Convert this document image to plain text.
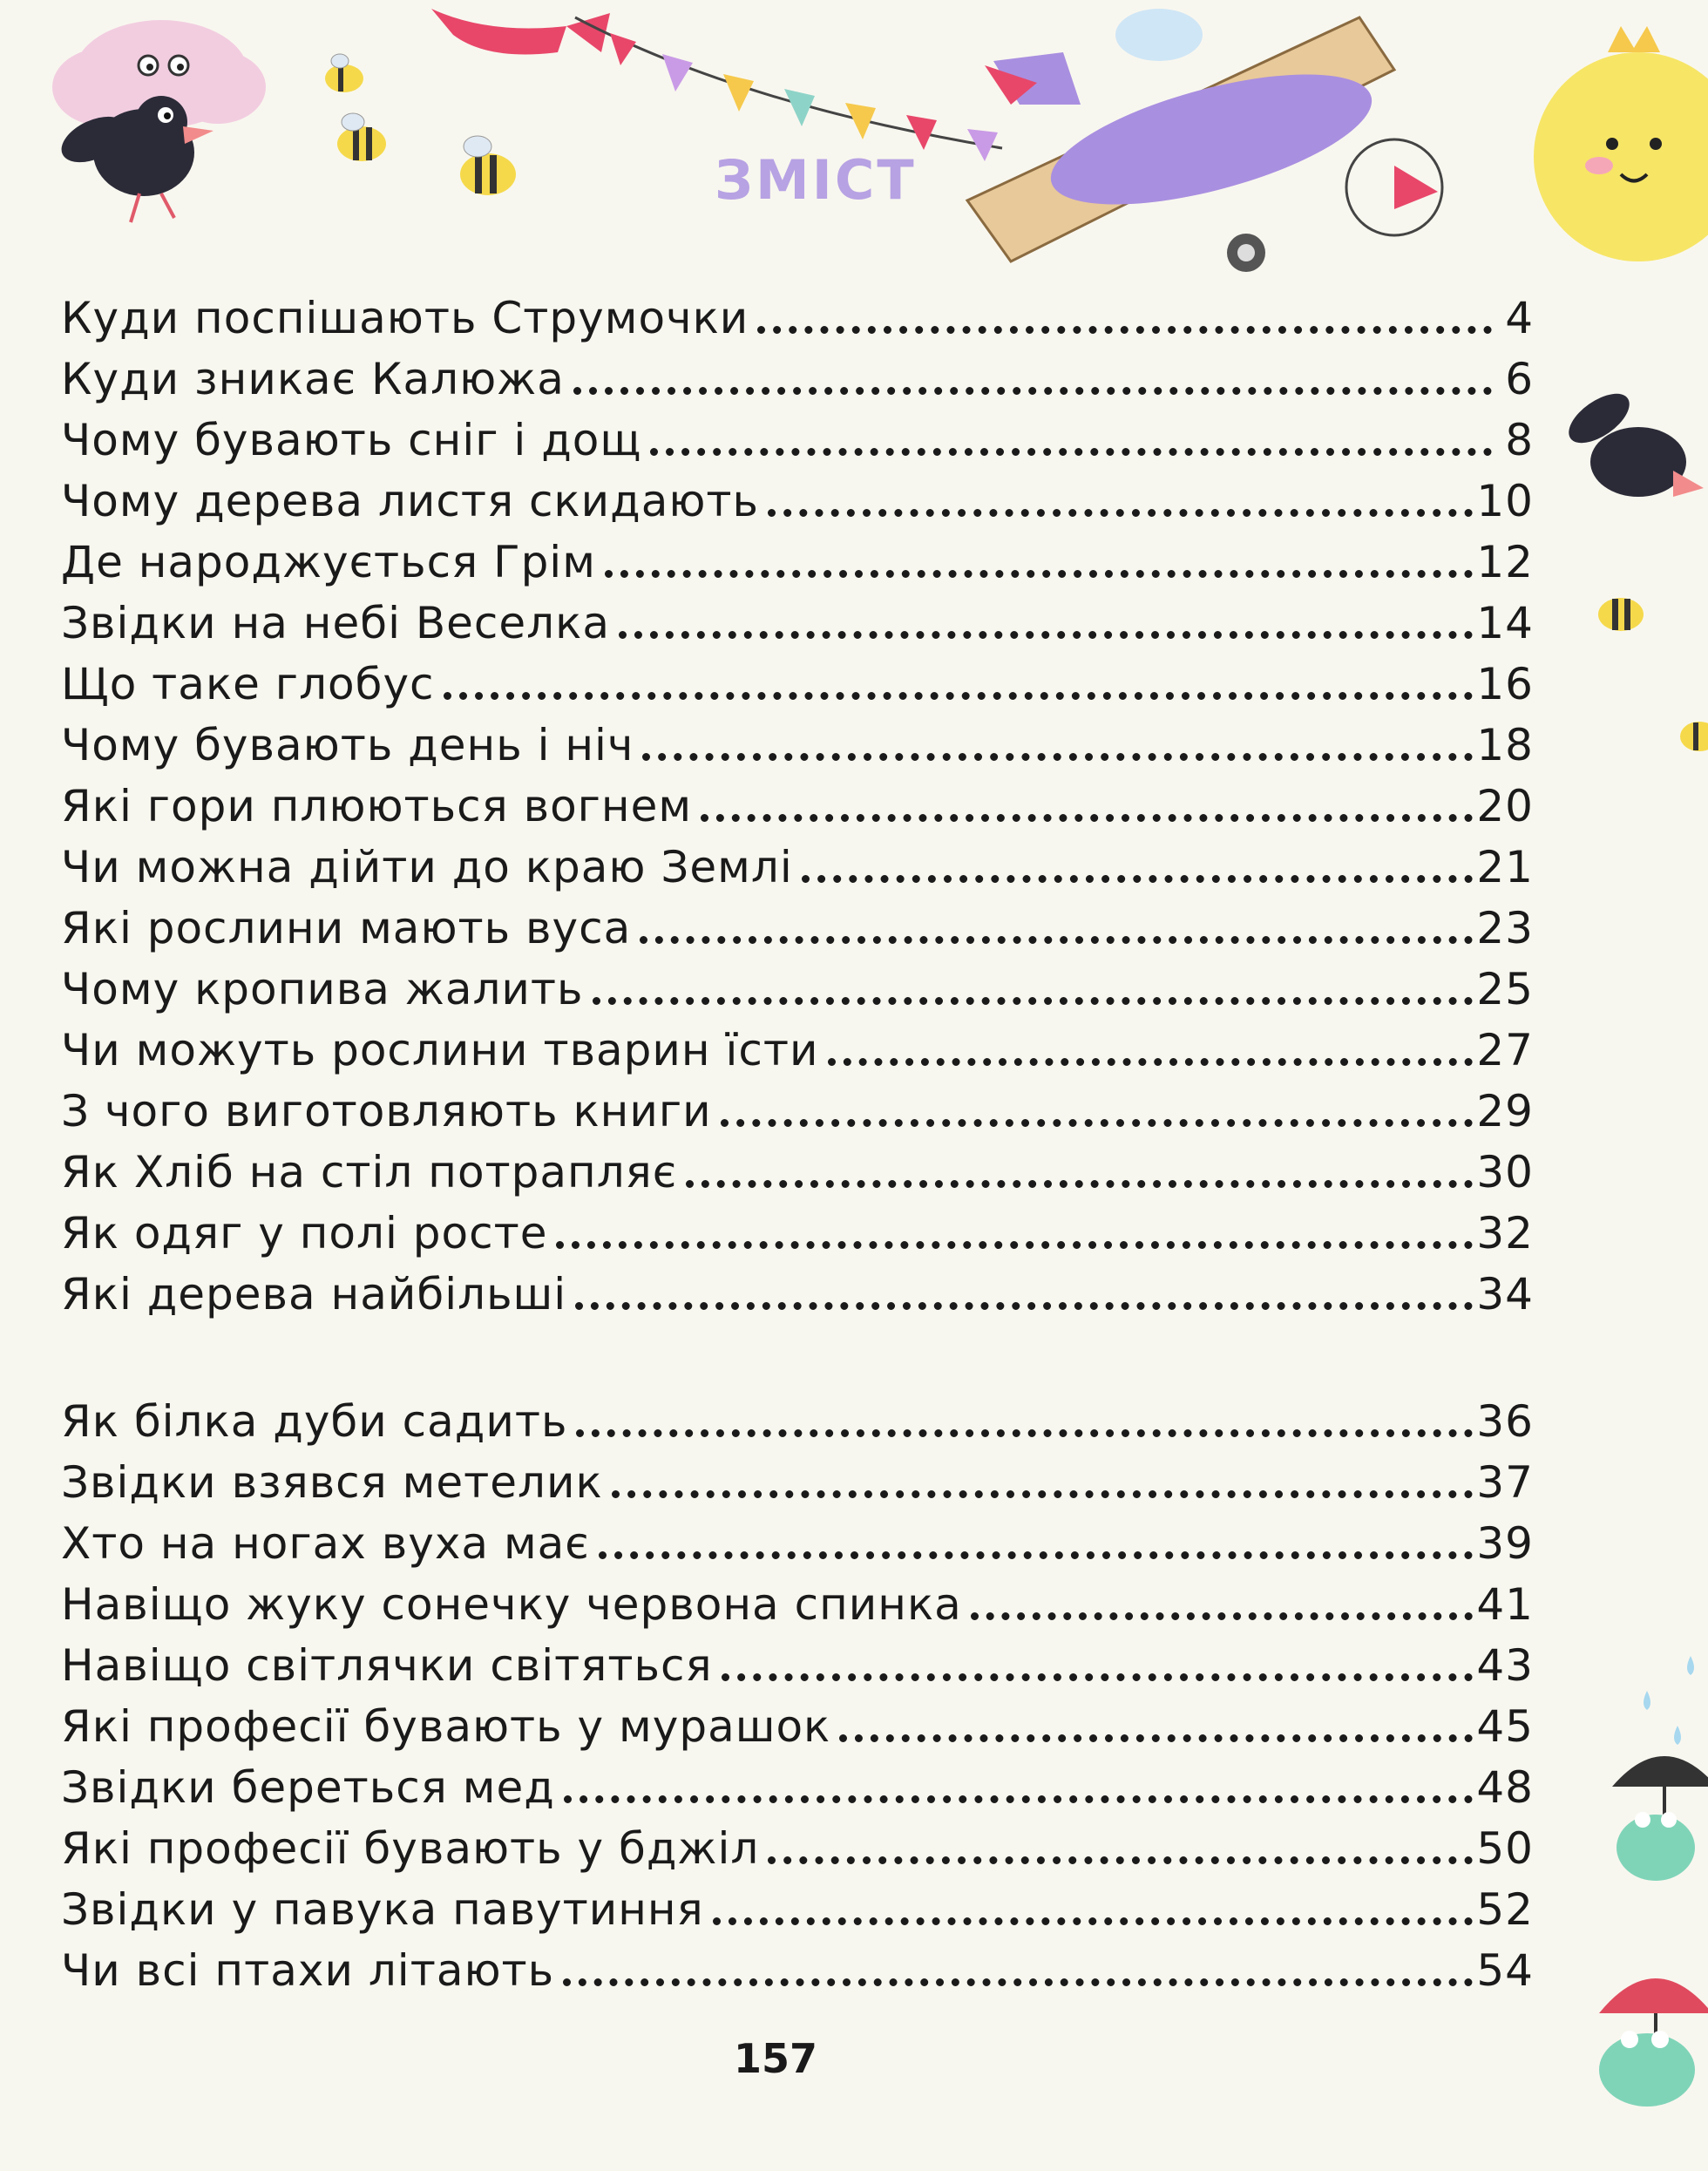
ЗМІСТ
Куди поспішають Струмочки	4
Куди зникає Калюжа	6
Чому бувають сніг і дощ	8
Чому дерева листя скидають	10
Де народжується Грім	12
Звідки на небі Веселка	14
Що таке глобус	16
Чому бувають день і ніч	18
Які гори плюються вогнем	20
Чи можна дійти до краю Землі	21
Які рослини мають вуса	23
Чому кропива жалить	25
Чи можуть рослини тварин їсти	27
З чого виготовляють книги	29
Як Хліб на стіл потрапляє	30
Як одяг у полі росте	32
Які дерева найбільші	34
Як білка дуби садить	36
Звідки взявся метелик	37
Хто на ногах вуха має	39
Навіщо жуку сонечку червона спинка	41
Навіщо світлячки світяться	43
Які професії бувають у мурашок	45
Звідки береться мед	48
Які професії бувають у бджіл	50
Звідки у павука павутиння	52
Чи всі птахи літають	54
157
